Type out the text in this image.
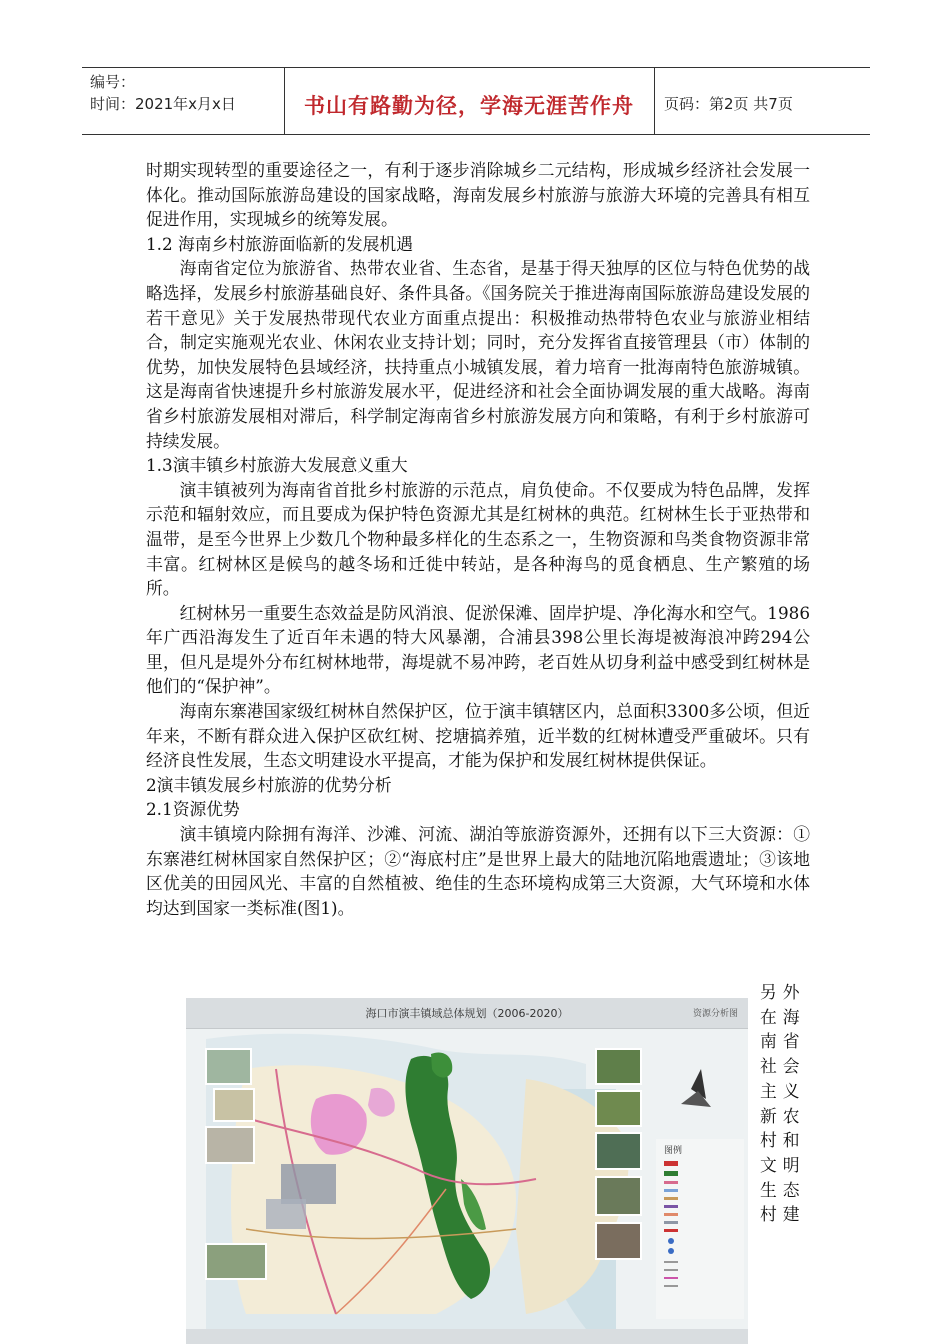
编号：
时间：2021年x月x日	书山有路勤为径，学海无涯苦作舟	页码：第2页 共7页

时期实现转型的重要途径之一，有利于逐步消除城乡二元结构，形成城乡经济社会发展一体化。推动国际旅游岛建设的国家战略，海南发展乡村旅游与旅游大环境的完善具有相互促进作用，实现城乡的统筹发展。

1.2 海南乡村旅游面临新的发展机遇

海南省定位为旅游省、热带农业省、生态省，是基于得天独厚的区位与特色优势的战略选择，发展乡村旅游基础良好、条件具备。《国务院关于推进海南国际旅游岛建设发展的若干意见》关于发展热带现代农业方面重点提出：积极推动热带特色农业与旅游业相结合，制定实施观光农业、休闲农业支持计划；同时，充分发挥省直接管理县（市）体制的优势，加快发展特色县域经济，扶持重点小城镇发展，着力培育一批海南特色旅游城镇。这是海南省快速提升乡村旅游发展水平，促进经济和社会全面协调发展的重大战略。海南省乡村旅游发展相对滞后，科学制定海南省乡村旅游发展方向和策略，有利于乡村旅游可持续发展。

1.3演丰镇乡村旅游大发展意义重大

演丰镇被列为海南省首批乡村旅游的示范点，肩负使命。不仅要成为特色品牌，发挥示范和辐射效应，而且要成为保护特色资源尤其是红树林的典范。红树林生长于亚热带和温带，是至今世界上少数几个物种最多样化的生态系之一，生物资源和鸟类食物资源非常丰富。红树林区是候鸟的越冬场和迁徙中转站，是各种海鸟的觅食栖息、生产繁殖的场所。

红树林另一重要生态效益是防风消浪、促淤保滩、固岸护堤、净化海水和空气。1986年广西沿海发生了近百年未遇的特大风暴潮，合浦县398公里长海堤被海浪冲跨294公里，但凡是堤外分布红树林地带，海堤就不易冲跨，老百姓从切身利益中感受到红树林是他们的“保护神”。

海南东寨港国家级红树林自然保护区，位于演丰镇辖区内，总面积3300多公顷，但近年来，不断有群众进入保护区砍红树、挖塘搞养殖，近半数的红树林遭受严重破坏。只有经济良性发展，生态文明建设水平提高，才能为保护和发展红树林提供保证。

2演丰镇发展乡村旅游的优势分析

2.1资源优势

演丰镇境内除拥有海洋、沙滩、河流、湖泊等旅游资源外，还拥有以下三大资源：①东寨港红树林国家自然保护区；②“海底村庄”是世界上最大的陆地沉陷地震遗址；③该地区优美的田园风光、丰富的自然植被、绝佳的生态环境构成第三大资源，大气环境和水体均达到国家一类标准(图1)。

另外在海南省社会主义新农村和文明生态村建
海口市演丰镇域总体规划（2006-2020）	资源分析图
图例
